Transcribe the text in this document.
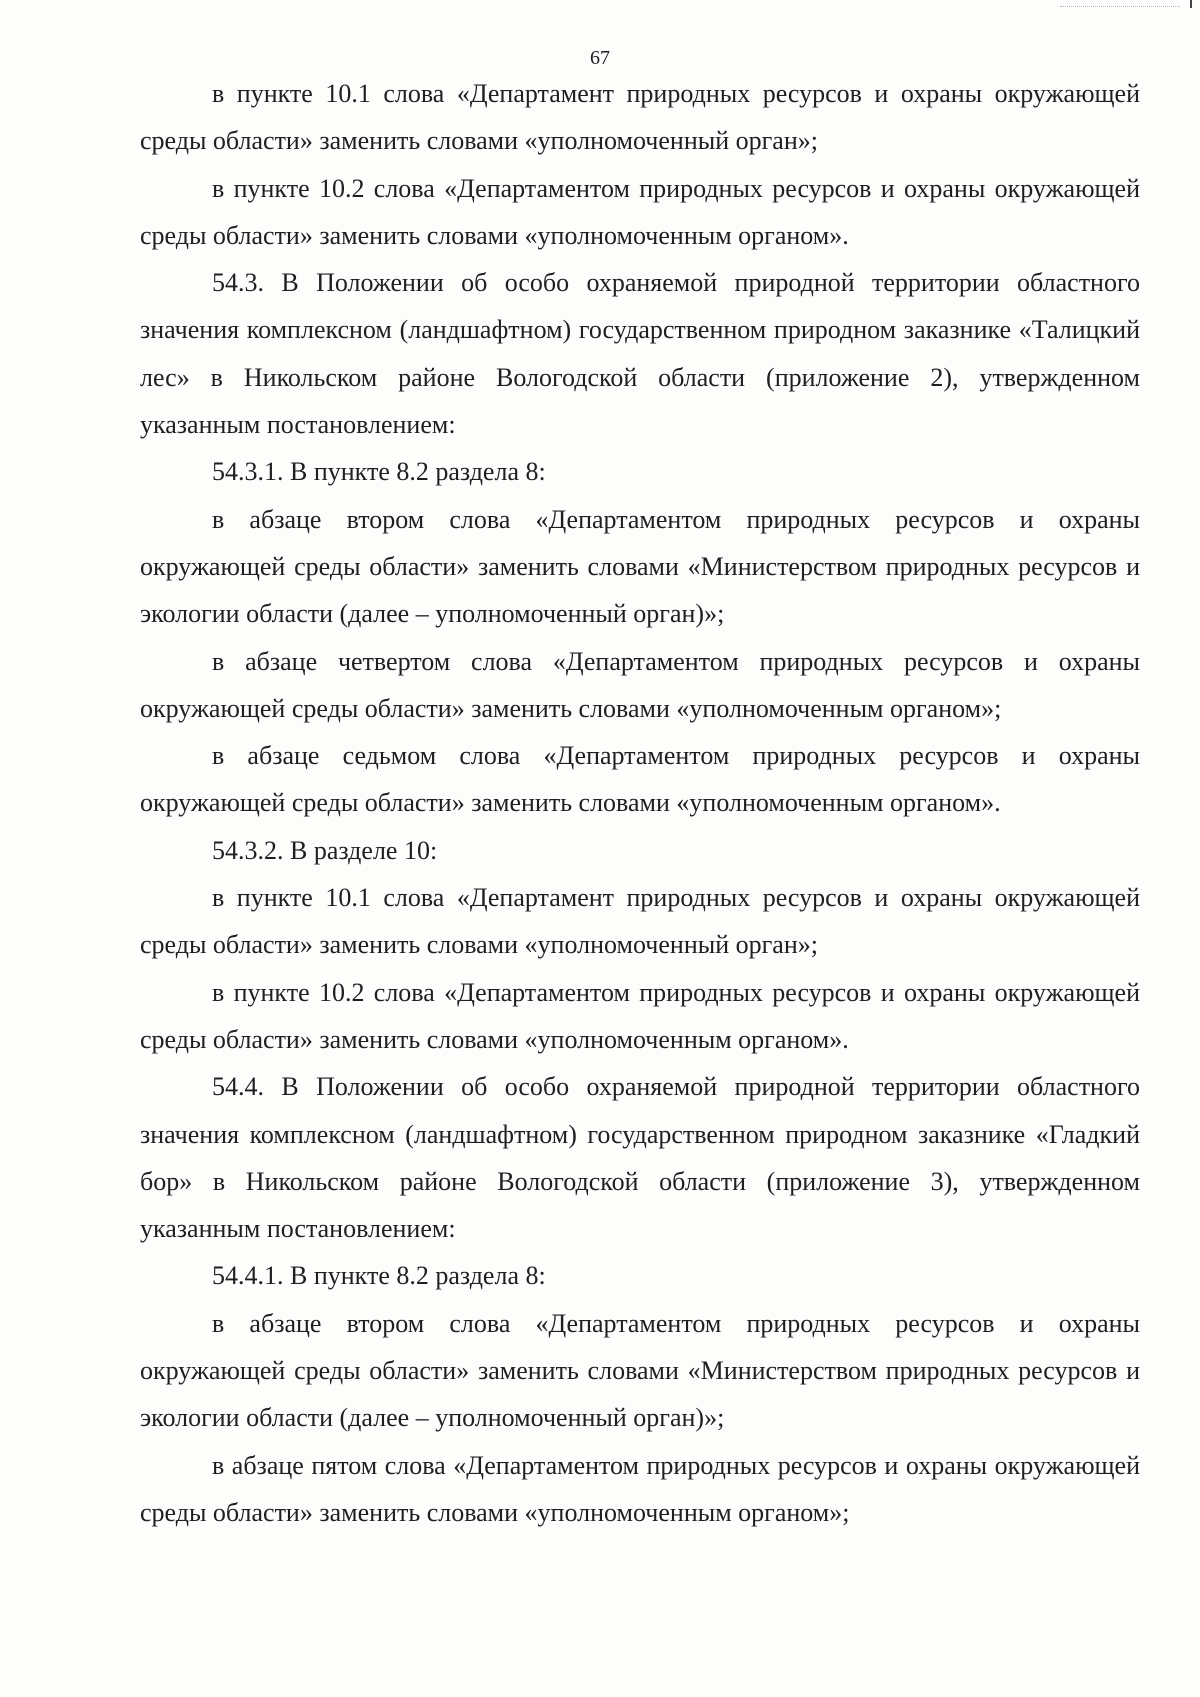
67

в пункте 10.1 слова «Департамент природных ресурсов и охраны окружающей среды области» заменить словами «уполномоченный орган»;

в пункте 10.2 слова «Департаментом природных ресурсов и охраны окружающей среды области» заменить словами «уполномоченным органом».

54.3. В Положении об особо охраняемой природной территории областного значения комплексном (ландшафтном) государственном природном заказнике «Талицкий лес» в Никольском районе Вологодской области (приложение 2), утвержденном указанным постановлением:

54.3.1. В пункте 8.2 раздела 8:

в абзаце втором слова «Департаментом природных ресурсов и охраны окружающей среды области» заменить словами «Министерством природных ресурсов и экологии области (далее – уполномоченный орган)»;

в абзаце четвертом слова «Департаментом природных ресурсов и охраны окружающей среды области» заменить словами «уполномоченным органом»;

в абзаце седьмом слова «Департаментом природных ресурсов и охраны окружающей среды области» заменить словами «уполномоченным органом».

54.3.2. В разделе 10:

в пункте 10.1 слова «Департамент природных ресурсов и охраны окружающей среды области» заменить словами «уполномоченный орган»;

в пункте 10.2 слова «Департаментом природных ресурсов и охраны окружающей среды области» заменить словами «уполномоченным органом».

54.4. В Положении об особо охраняемой природной территории областного значения комплексном (ландшафтном) государственном природном заказнике «Гладкий бор» в Никольском районе Вологодской области (приложение 3), утвержденном указанным постановлением:

54.4.1. В пункте 8.2 раздела 8:

в абзаце втором слова «Департаментом природных ресурсов и охраны окружающей среды области» заменить словами «Министерством природных ресурсов и экологии области (далее – уполномоченный орган)»;

в абзаце пятом слова «Департаментом природных ресурсов и охраны окружающей среды области» заменить словами «уполномоченным органом»;
